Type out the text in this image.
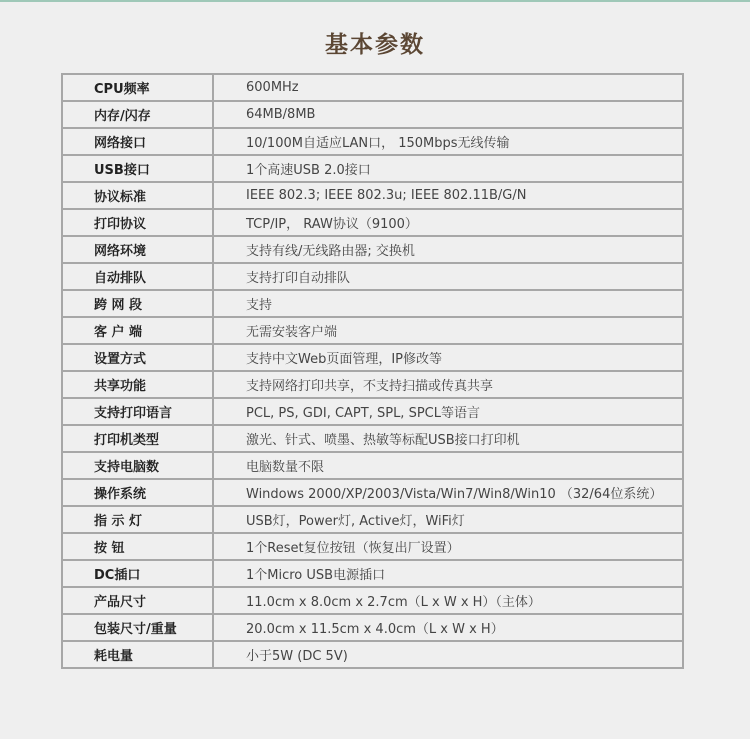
基本参数
CPU频率	600MHz
内存/闪存	64MB/8MB
网络接口	10/100M自适应LAN口， 150Mbps无线传输
USB接口	1个高速USB 2.0接口
协议标准	IEEE 802.3; IEEE 802.3u; IEEE 802.11B/G/N
打印协议	TCP/IP， RAW协议（9100）
网络环境	支持有线/无线路由器; 交换机
自动排队	支持打印自动排队
跨 网 段	支持
客 户 端	无需安装客户端
设置方式	支持中文Web页面管理，IP修改等
共享功能	支持网络打印共享，不支持扫描或传真共享
支持打印语言	PCL, PS, GDI, CAPT, SPL, SPCL等语言
打印机类型	激光、针式、喷墨、热敏等标配USB接口打印机
支持电脑数	电脑数量不限
操作系统	Windows 2000/XP/2003/Vista/Win7/Win8/Win10 （32/64位系统）
指 示 灯	USB灯，Power灯, Active灯，WiFi灯
按 钮	1个Reset复位按钮（恢复出厂设置）
DC插口	1个Micro USB电源插口
产品尺寸	11.0cm x 8.0cm x 2.7cm（L x W x H）（主体）
包装尺寸/重量	20.0cm x 11.5cm x 4.0cm（L x W x H）
耗电量	小于5W (DC 5V)
